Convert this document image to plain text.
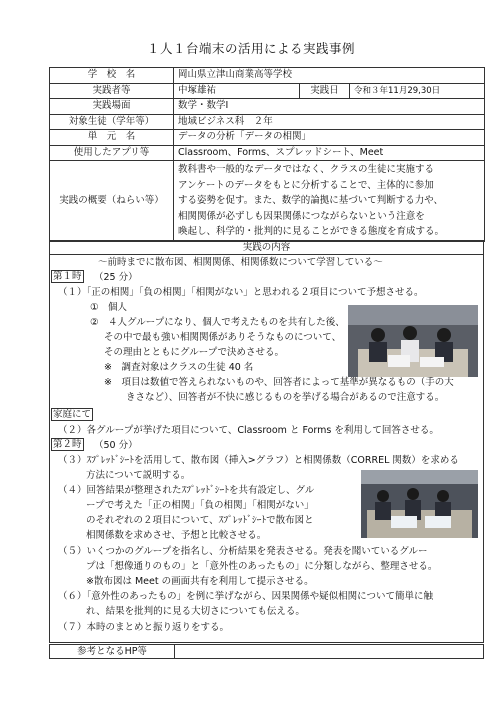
１人１台端末の活用による実践事例
学　校　名	岡山県立津山商業高等学校		
実践者等	中塚雄祐	実践日	令和３年11月29,30日
実践場面	数学・数学Ⅰ		
対象生徒（学年等）	地域ビジネス科　２年		
単　元　名	データの分析「データの相関」		
使用したアプリ等	Classroom、Forms、スプレッドシート、Meet		
実践の概要（ねらい等）	教科書や一般的なデータではなく、クラスの生徒に実施する
アンケートのデータをもとに分析することで、主体的に参加
する姿勢を促す。また、数学的論拠に基づいて判断する力や、
相関関係が必ずしも因果関係につながらないという注意を
喚起し、科学的・批判的に見ることができる態度を育成する。		
実践の内容
～前時までに散布図、相関関係、相関係数について学習している～
第１時 （25 分）
（１）「正の相関」「負の相関」「相関がない」と思われる２項目について予想させる。
①　個人
②　４人グループになり、個人で考えたものを共有した後、
その中で最も強い相関関係がありそうなものについて、
その理由とともにグループで決めさせる。
※　調査対象はクラスの生徒 40 名
※　項目は数値で答えられないものや、回答者によって基準が異なるもの（手の大
きさなど）、回答者が不快に感じるものを挙げる場合があるので注意する。
家庭にて
（２）各グループが挙げた項目について、Classroom と Forms を利用して回答させる。
第２時 （50 分）
（３）ｽﾌﾟﾚｯﾄﾞｼｰﾄを活用して、散布図（挿入>グラフ）と相関係数（CORREL 関数）を求める
方法について説明する。
（４）回答結果が整理されたｽﾌﾟﾚｯﾄﾞｼｰﾄを共有設定し、グル
ープで考えた「正の相関」「負の相関」「相関がない」
のそれぞれの２項目について、ｽﾌﾟﾚｯﾄﾞｼｰﾄで散布図と
相関係数を求めさせ、予想と比較させる。
（５）いくつかのグループを指名し、分析結果を発表させる。発表を聞いているグルー
プは「想像通りのもの」と「意外性のあったもの」に分類しながら、整理させる。
※散布図は Meet の画面共有を利用して提示させる。
（６）「意外性のあったもの」を例に挙げながら、因果関係や疑似相関について簡単に触
れ、結果を批判的に見る大切さについても伝える。
（７）本時のまとめと振り返りをする。
参考となるHP等
